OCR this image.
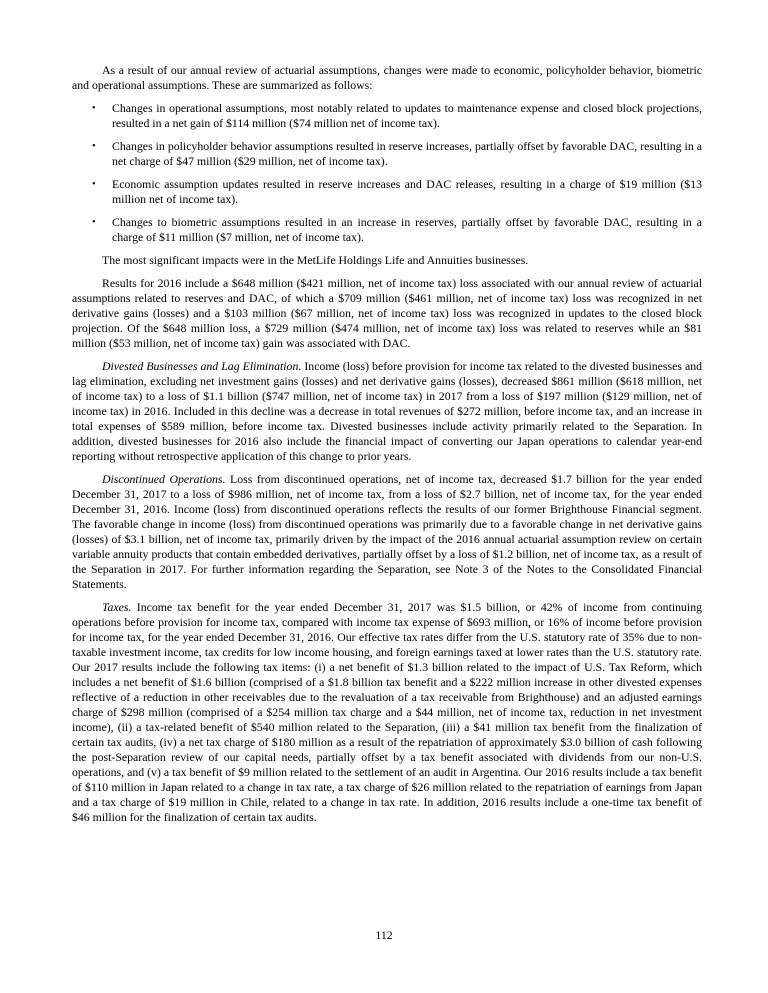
As a result of our annual review of actuarial assumptions, changes were made to economic, policyholder behavior, biometric and operational assumptions. These are summarized as follows:

•	Changes in operational assumptions, most notably related to updates to maintenance expense and closed block projections, resulted in a net gain of $114 million ($74 million net of income tax).
•	Changes in policyholder behavior assumptions resulted in reserve increases, partially offset by favorable DAC, resulting in a net charge of $47 million ($29 million, net of income tax).
•	Economic assumption updates resulted in reserve increases and DAC releases, resulting in a charge of $19 million ($13 million net of income tax).
•	Changes to biometric assumptions resulted in an increase in reserves, partially offset by favorable DAC, resulting in a charge of $11 million ($7 million, net of income tax).

The most significant impacts were in the MetLife Holdings Life and Annuities businesses.

Results for 2016 include a $648 million ($421 million, net of income tax) loss associated with our annual review of actuarial assumptions related to reserves and DAC, of which a $709 million ($461 million, net of income tax) loss was recognized in net derivative gains (losses) and a $103 million ($67 million, net of income tax) loss was recognized in updates to the closed block projection. Of the $648 million loss, a $729 million ($474 million, net of income tax) loss was related to reserves while an $81 million ($53 million, net of income tax) gain was associated with DAC.

Divested Businesses and Lag Elimination. Income (loss) before provision for income tax related to the divested businesses and lag elimination, excluding net investment gains (losses) and net derivative gains (losses), decreased $861 million ($618 million, net of income tax) to a loss of $1.1 billion ($747 million, net of income tax) in 2017 from a loss of $197 million ($129 million, net of income tax) in 2016. Included in this decline was a decrease in total revenues of $272 million, before income tax, and an increase in total expenses of $589 million, before income tax. Divested businesses include activity primarily related to the Separation. In addition, divested businesses for 2016 also include the financial impact of converting our Japan operations to calendar year-end reporting without retrospective application of this change to prior years.

Discontinued Operations. Loss from discontinued operations, net of income tax, decreased $1.7 billion for the year ended December 31, 2017 to a loss of $986 million, net of income tax, from a loss of $2.7 billion, net of income tax, for the year ended December 31, 2016. Income (loss) from discontinued operations reflects the results of our former Brighthouse Financial segment. The favorable change in income (loss) from discontinued operations was primarily due to a favorable change in net derivative gains (losses) of $3.1 billion, net of income tax, primarily driven by the impact of the 2016 annual actuarial assumption review on certain variable annuity products that contain embedded derivatives, partially offset by a loss of $1.2 billion, net of income tax, as a result of the Separation in 2017. For further information regarding the Separation, see Note 3 of the Notes to the Consolidated Financial Statements.

Taxes. Income tax benefit for the year ended December 31, 2017 was $1.5 billion, or 42% of income from continuing operations before provision for income tax, compared with income tax expense of $693 million, or 16% of income before provision for income tax, for the year ended December 31, 2016. Our effective tax rates differ from the U.S. statutory rate of 35% due to non-taxable investment income, tax credits for low income housing, and foreign earnings taxed at lower rates than the U.S. statutory rate. Our 2017 results include the following tax items: (i) a net benefit of $1.3 billion related to the impact of U.S. Tax Reform, which includes a net benefit of $1.6 billion (comprised of a $1.8 billion tax benefit and a $222 million increase in other divested expenses reflective of a reduction in other receivables due to the revaluation of a tax receivable from Brighthouse) and an adjusted earnings charge of $298 million (comprised of a $254 million tax charge and a $44 million, net of income tax, reduction in net investment income), (ii) a tax-related benefit of $540 million related to the Separation, (iii) a $41 million tax benefit from the finalization of certain tax audits, (iv) a net tax charge of $180 million as a result of the repatriation of approximately $3.0 billion of cash following the post-Separation review of our capital needs, partially offset by a tax benefit associated with dividends from our non-U.S. operations, and (v) a tax benefit of $9 million related to the settlement of an audit in Argentina. Our 2016 results include a tax benefit of $110 million in Japan related to a change in tax rate, a tax charge of $26 million related to the repatriation of earnings from Japan and a tax charge of $19 million in Chile, related to a change in tax rate. In addition, 2016 results include a one-time tax benefit of $46 million for the finalization of certain tax audits.

112
